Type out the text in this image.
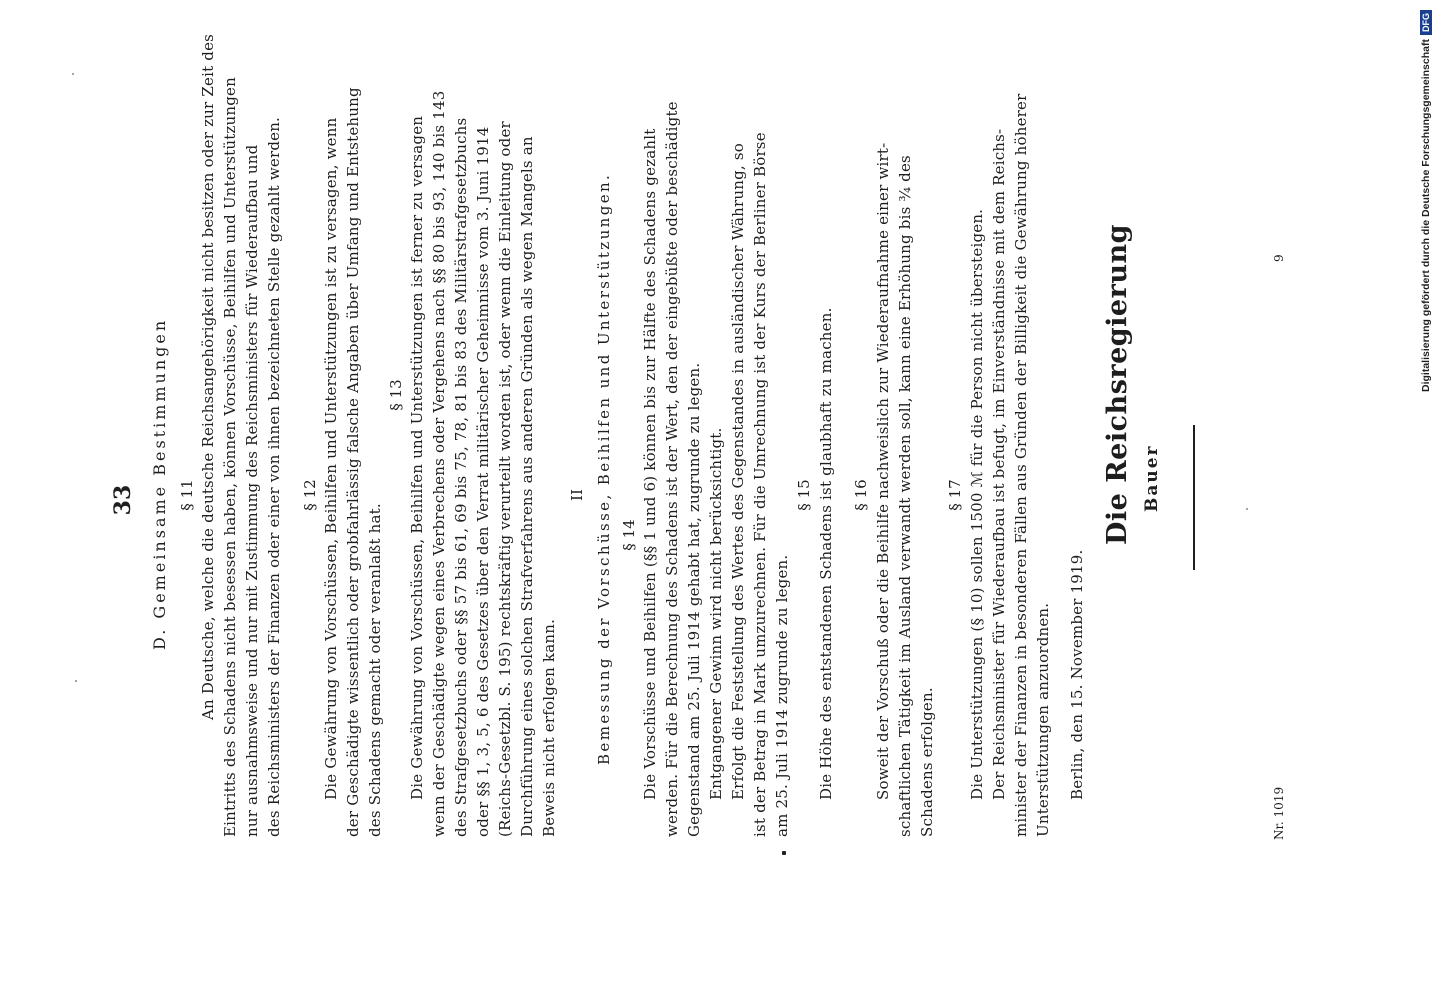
33 D. Gemeinsame Bestimmungen § 11 An Deutsche, welche die deutsche Reichsangehörigkeit nicht besitzen oder zur Zeit des Eintritts des Schadens nicht besessen haben, können Vorschüsse, Beihilfen und Unterstützungen nur ausnahmsweise und nur mit Zustimmung des Reichsministers für Wiederaufbau und des Reichsministers der Finanzen oder einer von ihnen bezeichneten Stelle gezahlt werden. § 12 Die Gewährung von Vorschüssen, Beihilfen und Unterstützungen ist zu versagen, wenn der Geschädigte wissentlich oder grobfahrlässig falsche Angaben über Umfang und Entstehung des Schadens gemacht oder veranlaßt hat.
§ 13 Die Gewährung von Vorschüssen, Beihilfen und Unterstützungen ist ferner zu versagen wenn der Geschädigte wegen eines Verbrechens oder Vergehens nach §§ 80 bis 93, 140 bis 143 des Strafgesetzbuchs oder §§ 57 bis 61, 69 bis 75, 78, 81 bis 83 des Militärstrafgesetzbuchs oder §§ 1, 3, 5, 6 des Gesetzes über den Verrat militärischer Geheimnisse vom 3. Juni 1914 (Reichs-Gesetzbl. S. 195) rechtskräftig verurteilt worden ist, oder wenn die Einleitung oder Durchführung eines solchen Strafverfahrens aus anderen Gründen als wegen Mangels an Beweis nicht erfolgen kann.
II Bemessung der Vorschüsse, Beihilfen und Unterstützungen. § 14 Die Vorschüsse und Beihilfen (§§ 1 und 6) können bis zur Hälfte des Schadens gezahlt werden. Für die Berechnung des Schadens ist der Wert, den der eingebüßte oder beschädigte Gegenstand am 25. Juli 1914 gehabt hat, zugrunde zu legen. Entgangener Gewinn wird nicht berücksichtigt. Erfolgt die Feststellung des Wertes des Gegenstandes in ausländischer Währung, so ist der Betrag in Mark umzurechnen. Für die Umrechnung ist der Kurs der Berliner Börse am 25. Juli 1914 zugrunde zu legen.
§ 15 Die Höhe des entstandenen Schadens ist glaubhaft zu machen. § 16 Soweit der Vorschuß oder die Beihilfe nachweislich zur Wiederaufnahme einer wirt- schaftlichen Tätigkeit im Ausland verwandt werden soll, kann eine Erhöhung bis ¾ des Schadens erfolgen.
§ 17 Die Unterstützungen (§ 10) sollen 1500 ℳ für die Person nicht übersteigen. Der Reichsminister für Wiederaufbau ist befugt, im Einverständnisse mit dem Reichs- minister der Finanzen in besonderen Fällen aus Gründen der Billigkeit die Gewährung höherer Unterstützungen anzuordnen. Berlin, den 15. November 1919.
Die Reichsregierung Bauer
Nr. 1019
9	Digitalisierung gefördert durch die Deutsche Forschungsgemeinschaft
DFG
